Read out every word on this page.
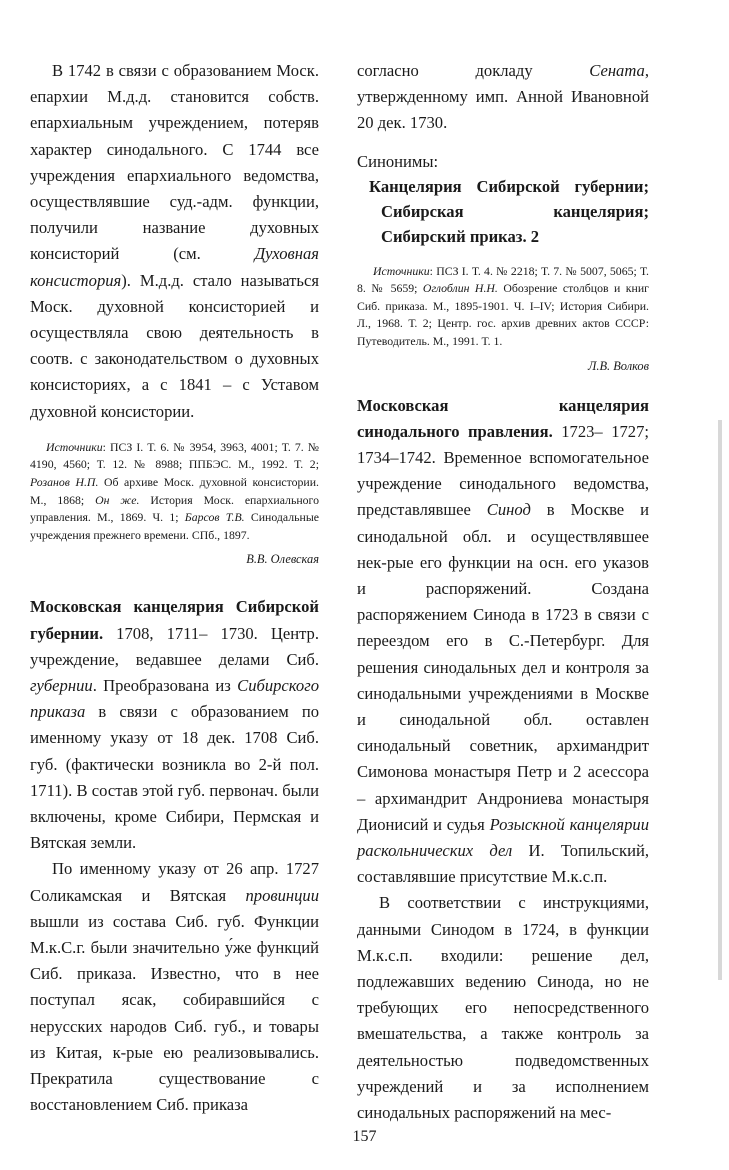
В 1742 в связи с образованием Моск. епархии М.д.д. становится собств. епархиальным учреждением, потеряв характер синодального. С 1744 все учреждения епархиального ведомства, осуществлявшие суд.-адм. функции, получили название духовных консисторий (см. Духовная консистория). М.д.д. стало называться Моск. духовной консисторией и осуществляла свою деятельность в соотв. с законодательством о духовных консисториях, а с 1841 – с Уставом духовной консистории.

Источники: ПСЗ I. Т. 6. № 3954, 3963, 4001; Т. 7. № 4190, 4560; Т. 12. № 8988; ППБЭС. М., 1992. Т. 2; Розанов Н.П. Об архиве Моск. духовной консистории. М., 1868; Он же. История Моск. епархиального управления. М., 1869. Ч. 1; Барсов Т.В. Синодальные учреждения прежнего времени. СПб., 1897.

В.В. Олевская

Московская канцелярия Сибирской губернии. 1708, 1711– 1730. Центр. учреждение, ведавшее делами Сиб. губернии. Преобразована из Сибирского приказа в связи с образованием по именному указу от 18 дек. 1708 Сиб. губ. (фактически возникла во 2-й пол. 1711). В состав этой губ. первонач. были включены, кроме Сибири, Пермская и Вятская земли.

По именному указу от 26 апр. 1727 Соликамская и Вятская провинции вышли из состава Сиб. губ. Функции М.к.С.г. были значительно у́же функций Сиб. приказа. Известно, что в нее поступал ясак, собиравшийся с нерусских народов Сиб. губ., и товары из Китая, к-рые ею реализовывались. Прекратила существование с восстановлением Сиб. приказа

согласно докладу Сената, утвержденному имп. Анной Ивановной 20 дек. 1730.

Синонимы:

Канцелярия Сибирской губернии; Сибирская канцелярия; Сибирский приказ. 2

Источники: ПСЗ I. Т. 4. № 2218; Т. 7. № 5007, 5065; Т. 8. № 5659; Оглоблин Н.Н. Обозрение столбцов и книг Сиб. приказа. М., 1895-1901. Ч. I–IV; История Сибири. Л., 1968. Т. 2; Центр. гос. архив древних актов СССР: Путеводитель. М., 1991. Т. 1.

Л.В. Волков

Московская канцелярия синодального правления. 1723– 1727; 1734–1742. Временное вспомогательное учреждение синодального ведомства, представлявшее Синод в Москве и синодальной обл. и осуществлявшее нек-рые его функции на осн. его указов и распоряжений. Создана распоряжением Синода в 1723 в связи с переездом его в С.-Петербург. Для решения синодальных дел и контроля за синодальными учреждениями в Москве и синодальной обл. оставлен синодальный советник, архимандрит Симонова монастыря Петр и 2 асессора – архимандрит Андрониева монастыря Дионисий и судья Розыскной канцелярии раскольнических дел И. Топильский, составлявшие присутствие М.к.с.п.

В соответствии с инструкциями, данными Синодом в 1724, в функции М.к.с.п. входили: решение дел, подлежавших ведению Синода, но не требующих его непосредственного вмешательства, а также контроль за деятельностью подведомственных учреждений и за исполнением синодальных распоряжений на мес-

157
